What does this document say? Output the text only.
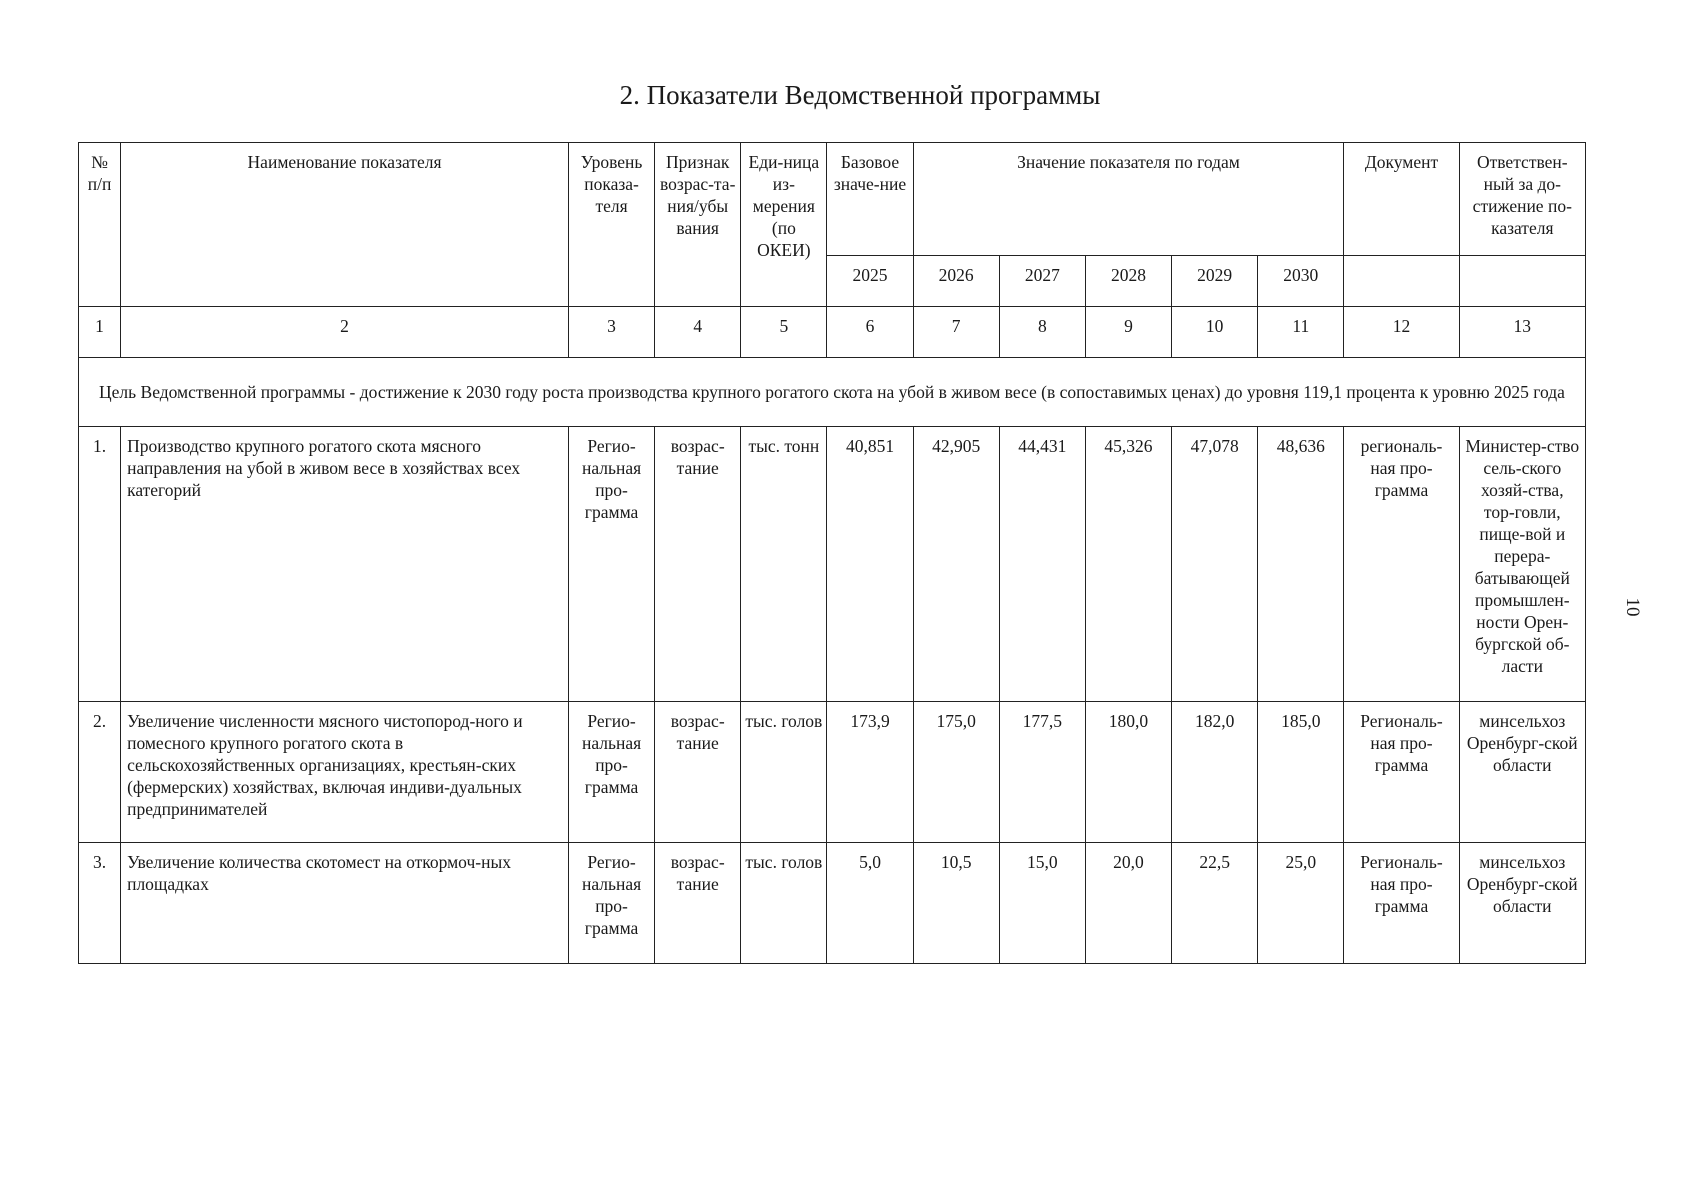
2. Показатели Ведомственной программы
10
№ п/п	Наименование показателя	Уровень показа-теля	Признак возрас-та-ния/убы вания	Еди-ница из-мерения (по ОКЕИ)	Базовое значе-ние	Значение показателя по годам					Документ	Ответствен-ный за до-стижение по-казателя
					2025	2026	2027	2028	2029	2030		
1	2	3	4	5	6	7	8	9	10	11	12	13
Цель Ведомственной программы - достижение к 2030 году роста производства крупного рогатого скота на убой в живом весе (в сопоставимых ценах) до уровня 119,1 процента к уровню 2025 года												
1.	Производство крупного рогатого скота мясного направления на убой в живом весе в хозяйствах всех категорий	Регио-нальная про-грамма	возрас-тание	тыс. тонн	40,851	42,905	44,431	45,326	47,078	48,636	региональ-ная про-грамма	Министер-ство сель-ского хозяй-ства, тор-говли, пище-вой и перера-батывающей промышлен-ности Орен-бургской об-ласти
2.	Увеличение численности мясного чистопород-ного и помесного крупного рогатого скота в сельскохозяйственных организациях, крестьян-ских (фермерских) хозяйствах, включая индиви-дуальных предпринимателей	Регио-нальная про-грамма	возрас-тание	тыс. голов	173,9	175,0	177,5	180,0	182,0	185,0	Региональ-ная про-грамма	минсельхоз Оренбург-ской области
3.	Увеличение количества скотомест на откормоч-ных площадках	Регио-нальная про-грамма	возрас-тание	тыс. голов	5,0	10,5	15,0	20,0	22,5	25,0	Региональ-ная про-грамма	минсельхоз Оренбург-ской области
